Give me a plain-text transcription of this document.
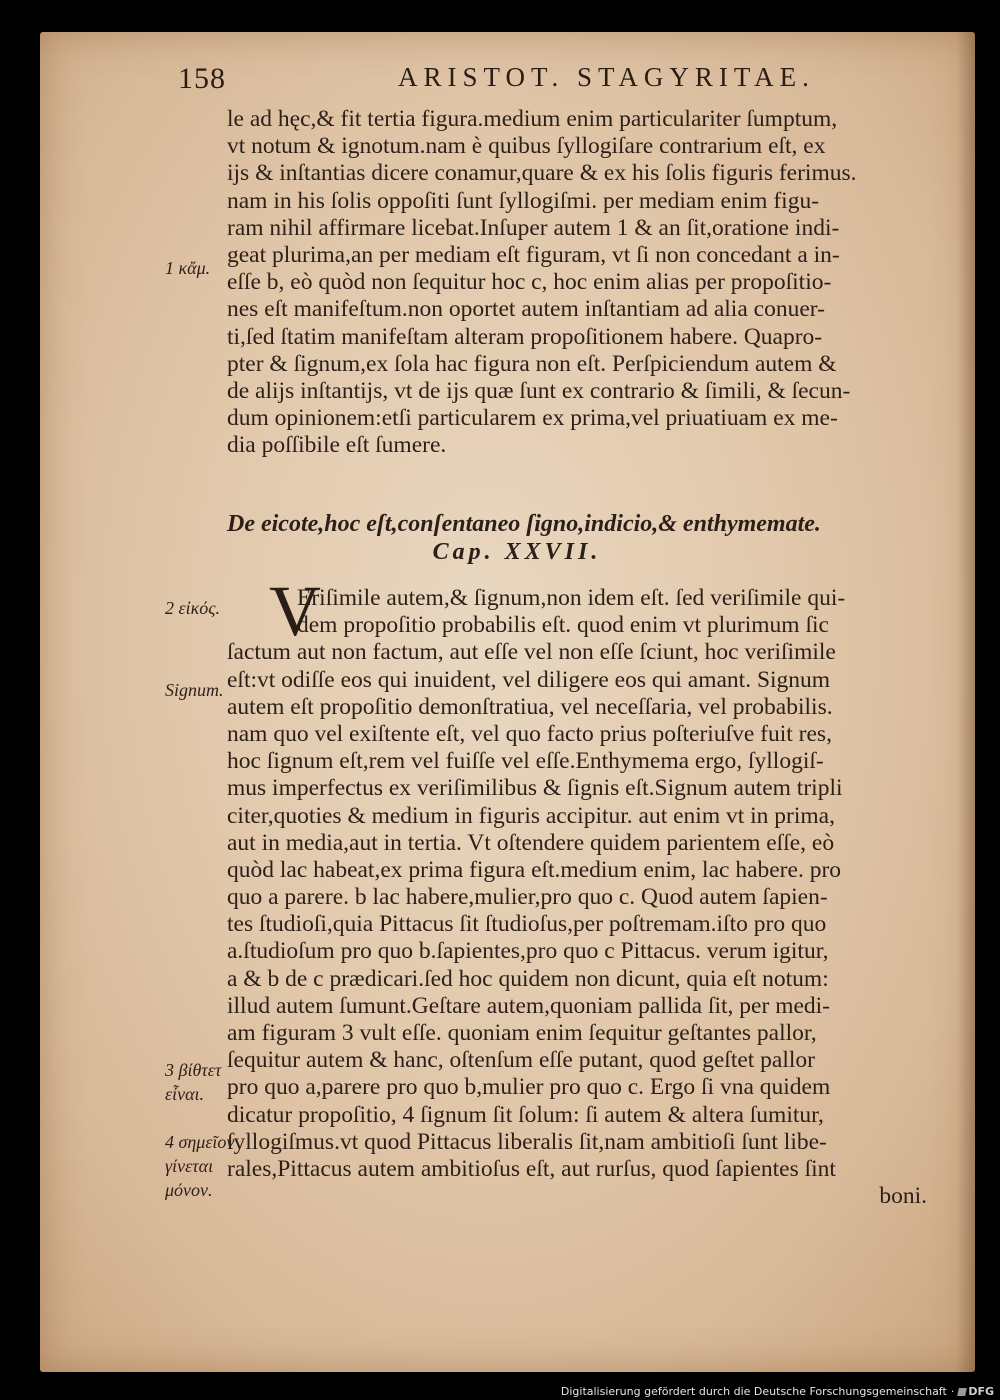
158	ARISTOT. STAGYRITAE.
le ad hęc,& fit tertia figura.medium enim particulariter ſumptum,
vt notum & ignotum.nam è quibus ſyllogiſare contrarium eſt, ex
ijs & inſtantias dicere conamur,quare & ex his ſolis figuris ferimus.
nam in his ſolis oppoſiti ſunt ſyllogiſmi. per mediam enim figu-
ram nihil affirmare licebat.Inſuper autem 1 & an ſit,oratione indi-
geat plurima,an per mediam eſt figuram, vt ſi non concedant a in-
eſſe b, eò quòd non ſequitur hoc c, hoc enim alias per propoſitio-
nes eſt manifeſtum.non oportet autem inſtantiam ad alia conuer-
ti,ſed ſtatim manifeſtam alteram propoſitionem habere. Quapro-
pter & ſignum,ex ſola hac figura non eſt. Perſpiciendum autem &
de alijs inſtantijs, vt de ijs quæ ſunt ex contrario & ſimili, & ſecun-
dum opinionem:etſi particularem ex prima,vel priuatiuam ex me-
dia poſſibile eſt ſumere.
De eicote,hoc eſt,conſentaneo ſigno,indicio,& enthymemate.
Cap. XXVII.
V
Eriſimile autem,& ſignum,non idem eſt. ſed veriſimile qui-
dem propoſitio probabilis eſt. quod enim vt plurimum ſic
ſactum aut non factum, aut eſſe vel non eſſe ſciunt, hoc veriſimile
eſt:vt odiſſe eos qui inuident, vel diligere eos qui amant. Signum
autem eſt propoſitio demonſtratiua, vel neceſſaria, vel probabilis.
nam quo vel exiſtente eſt, vel quo facto prius poſteriuſve fuit res,
hoc ſignum eſt,rem vel fuiſſe vel eſſe.Enthymema ergo, ſyllogiſ-
mus imperfectus ex veriſimilibus & ſignis eſt.Signum autem tripli
citer,quoties & medium in figuris accipitur. aut enim vt in prima,
aut in media,aut in tertia. Vt oſtendere quidem parientem eſſe, eò
quòd lac habeat,ex prima figura eſt.medium enim, lac habere. pro
quo a parere. b lac habere,mulier,pro quo c. Quod autem ſapien-
tes ſtudioſi,quia Pittacus ſit ſtudioſus,per poſtremam.iſto pro quo
a.ſtudioſum pro quo b.ſapientes,pro quo c Pittacus. verum igitur,
a & b de c prædicari.ſed hoc quidem non dicunt, quia eſt notum:
illud autem ſumunt.Geſtare autem,quoniam pallida ſit, per medi-
am figuram 3 vult eſſe. quoniam enim ſequitur geſtantes pallor,
ſequitur autem & hanc, oſtenſum eſſe putant, quod geſtet pallor
pro quo a,parere pro quo b,mulier pro quo c. Ergo ſi vna quidem
dicatur propoſitio, 4 ſignum ſit ſolum: ſi autem & altera ſumitur,
ſyllogiſmus.vt quod Pittacus liberalis ſit,nam ambitioſi ſunt libe-
rales,Pittacus autem ambitioſus eſt, aut rurſus, quod ſapientes ſint
boni.
1 κἄμ.
2 εἰκός.
Signum.
3 βίθτετ
εἶναι.
4 σημεῖον
γίνεται
μόνον.
Digitalisierung gefördert durch die Deutsche Forschungsgemeinschaft · DFG
